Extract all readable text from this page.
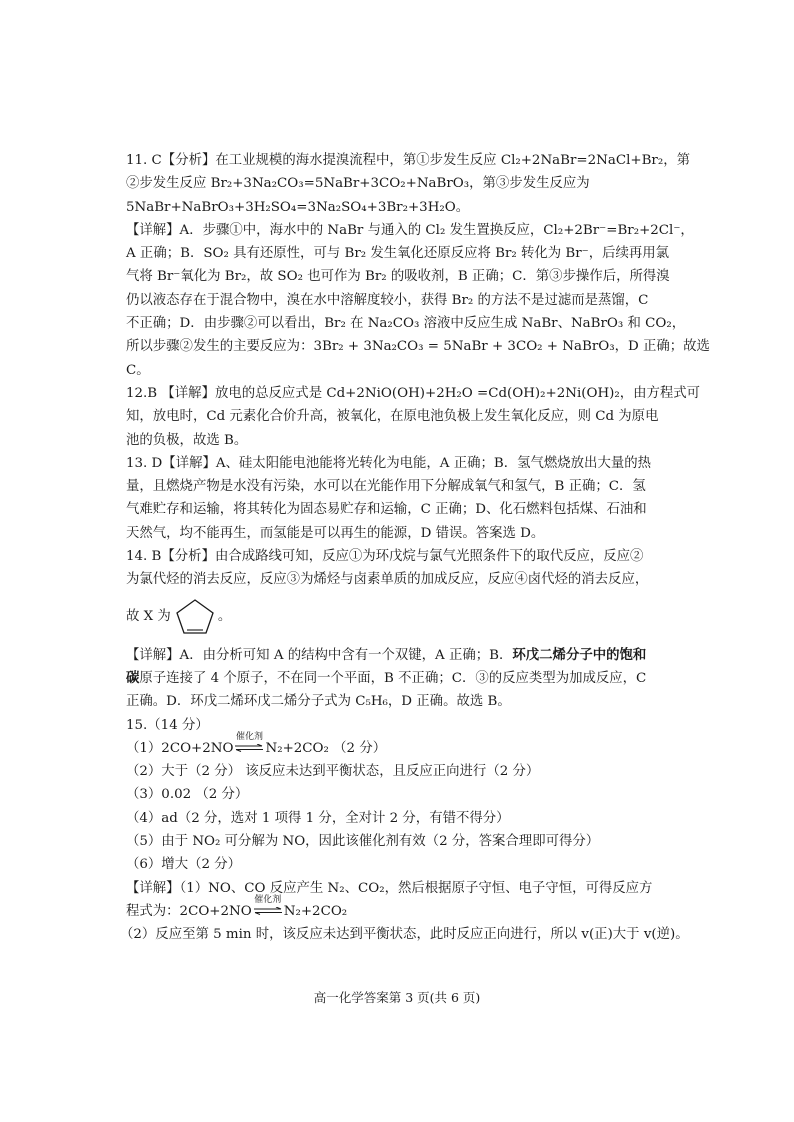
11. C【分析】在工业规模的海水提溴流程中，第①步发生反应 Cl₂+2NaBr=2NaCl+Br₂，第
②步发生反应 Br₂+3Na₂CO₃=5NaBr+3CO₂+NaBrO₃，第③步发生反应为
5NaBr+NaBrO₃+3H₂SO₄=3Na₂SO₄+3Br₂+3H₂O。
【详解】A．步骤①中，海水中的 NaBr 与通入的 Cl₂ 发生置换反应，Cl₂+2Br⁻=Br₂+2Cl⁻，
A 正确；B．SO₂ 具有还原性，可与 Br₂ 发生氧化还原反应将 Br₂ 转化为 Br⁻，后续再用氯
气将 Br⁻氧化为 Br₂，故 SO₂ 也可作为 Br₂ 的吸收剂，B 正确；C．第③步操作后，所得溴
仍以液态存在于混合物中，溴在水中溶解度较小，获得 Br₂ 的方法不是过滤而是蒸馏，C
不正确；D．由步骤②可以看出，Br₂ 在 Na₂CO₃ 溶液中反应生成 NaBr、NaBrO₃ 和 CO₂，
所以步骤②发生的主要反应为：3Br₂ + 3Na₂CO₃ = 5NaBr + 3CO₂ + NaBrO₃，D 正确；故选
C。
12.B 【详解】放电的总反应式是 Cd+2NiO(OH)+2H₂O =Cd(OH)₂+2Ni(OH)₂，由方程式可
知，放电时，Cd 元素化合价升高，被氧化，在原电池负极上发生氧化反应，则 Cd 为原电
池的负极，故选 B。
13. D【详解】A、硅太阳能电池能将光转化为电能，A 正确；B．氢气燃烧放出大量的热
量，且燃烧产物是水没有污染，水可以在光能作用下分解成氧气和氢气，B 正确；C．氢
气难贮存和运输，将其转化为固态易贮存和运输，C 正确；D、化石燃料包括煤、石油和
天然气，均不能再生，而氢能是可以再生的能源，D 错误。答案选 D。
14. B【分析】由合成路线可知，反应①为环戊烷与氯气光照条件下的取代反应，反应②
为氯代烃的消去反应，反应③为烯烃与卤素单质的加成反应，反应④卤代烃的消去反应，
故 X 为	。
【详解】A．由分析可知 A 的结构中含有一个双键，A 正确；B．环戊二烯分子中的饱和
碳原子连接了 4 个原子，不在同一个平面，B 不正确；C．③的反应类型为加成反应，C
正确。D．环戊二烯环戊二烯分子式为 C₅H₆，D 正确。故选 B。
15.（14 分）
（1）2CO+2NO
催化剂
N₂+2CO₂ （2 分）
（2）大于（2 分） 该反应未达到平衡状态，且反应正向进行（2 分）
（3）0.02 （2 分）
（4）ad（2 分，选对 1 项得 1 分，全对计 2 分，有错不得分）
（5）由于 NO₂ 可分解为 NO，因此该催化剂有效（2 分，答案合理即可得分）
（6）增大（2 分）
【详解】（1）NO、CO 反应产生 N₂、CO₂，然后根据原子守恒、电子守恒，可得反应方
程式为：2CO+2NO
催化剂
N₂+2CO₂
（2）反应至第 5 min 时，该反应未达到平衡状态，此时反应正向进行，所以 v(正)大于 v(逆)。
高一化学答案第 3 页(共 6 页)
